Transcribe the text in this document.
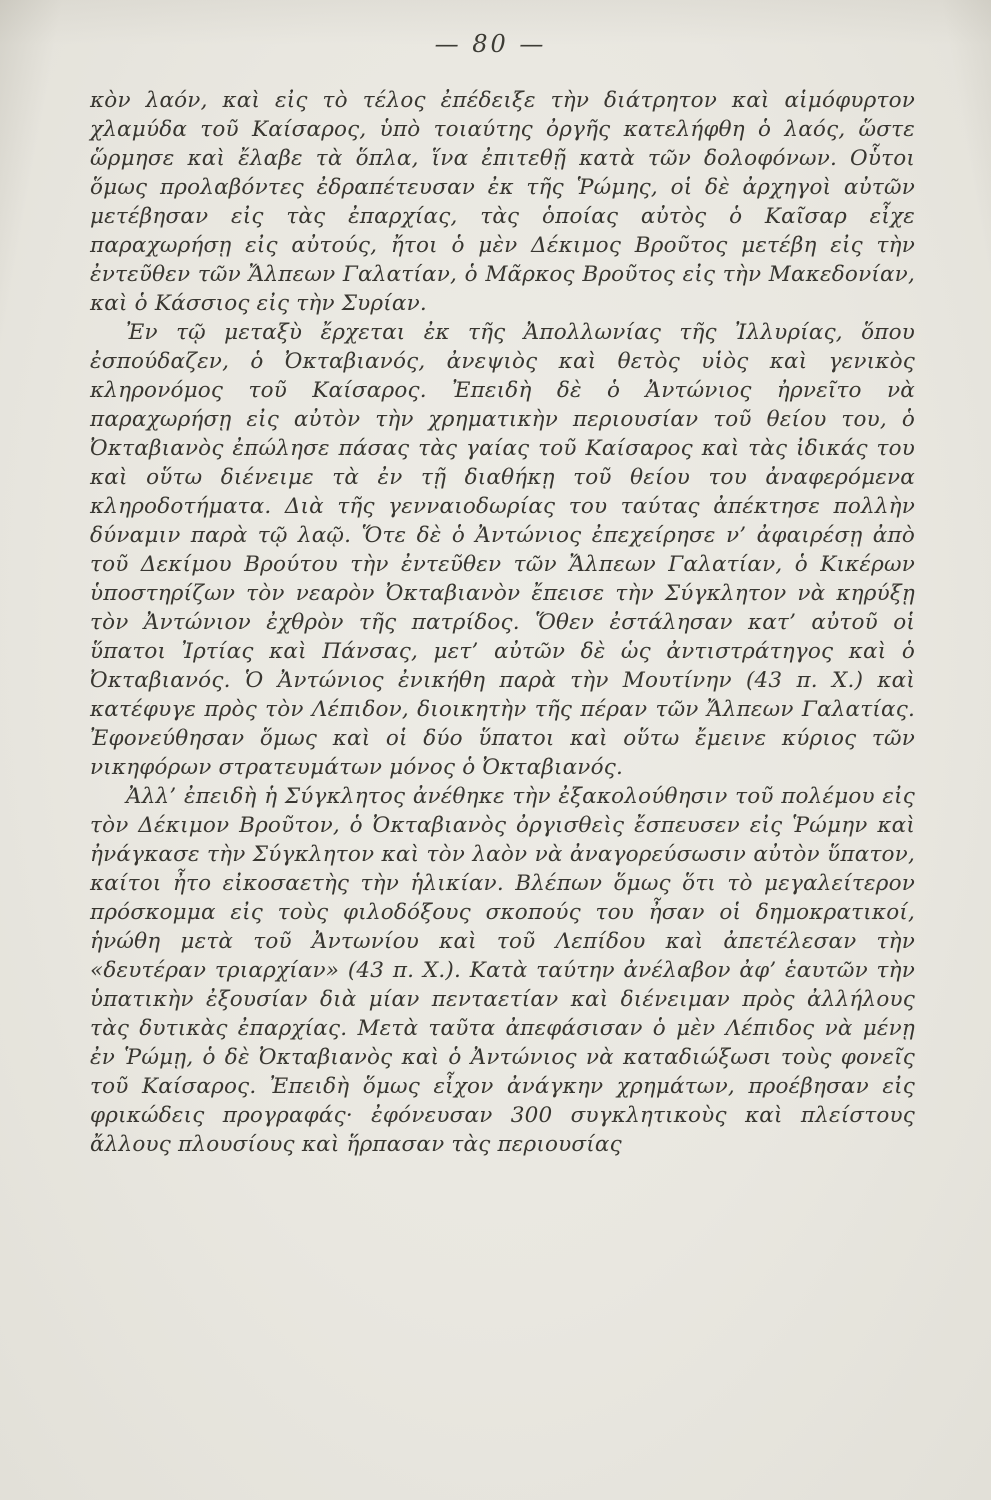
— 80 —

κὸν λαόν, καὶ εἰς τὸ τέλος ἐπέδειξε τὴν διάτρητον καὶ αἱμόφυρτον χλαμύδα τοῦ Καίσαρος, ὑπὸ τοιαύτης ὀργῆς κατελήφθη ὁ λαός, ὥστε ὥρμησε καὶ ἔλαβε τὰ ὅπλα, ἵνα ἐπιτεθῇ κατὰ τῶν δολοφόνων. Οὗτοι ὅμως προλαβόντες ἐδραπέτευσαν ἐκ τῆς Ῥώμης, οἱ δὲ ἀρχηγοὶ αὐτῶν μετέβησαν εἰς τὰς ἐπαρχίας, τὰς ὁποίας αὐτὸς ὁ Καῖσαρ εἶχε παραχωρήσῃ εἰς αὐτούς, ἤτοι ὁ μὲν Δέκιμος Βροῦτος μετέβη εἰς τὴν ἐντεῦθεν τῶν Ἄλπεων Γαλατίαν, ὁ Μᾶρκος Βροῦτος εἰς τὴν Μακεδονίαν, καὶ ὁ Κάσσιος εἰς τὴν Συρίαν.

Ἐν τῷ μεταξὺ ἔρχεται ἐκ τῆς Ἀπολλωνίας τῆς Ἰλλυρίας, ὅπου ἐσπούδαζεν, ὁ Ὀκταβιανός, ἀνεψιὸς καὶ θετὸς υἱὸς καὶ γενικὸς κληρονόμος τοῦ Καίσαρος. Ἐπειδὴ δὲ ὁ Ἀντώνιος ἠρνεῖτο νὰ παραχωρήσῃ εἰς αὐτὸν τὴν χρηματικὴν περιουσίαν τοῦ θείου του, ὁ Ὀκταβιανὸς ἐπώλησε πάσας τὰς γαίας τοῦ Καίσαρος καὶ τὰς ἰδικάς του καὶ οὕτω διένειμε τὰ ἐν τῇ διαθήκῃ τοῦ θείου του ἀναφερόμενα κληροδοτήματα. Διὰ τῆς γενναιοδωρίας του ταύτας ἀπέκτησε πολλὴν δύναμιν παρὰ τῷ λαῷ. Ὅτε δὲ ὁ Ἀντώνιος ἐπεχείρησε ν’ ἀφαιρέσῃ ἀπὸ τοῦ Δεκίμου Βρούτου τὴν ἐντεῦθεν τῶν Ἄλπεων Γαλατίαν, ὁ Κικέρων ὑποστηρίζων τὸν νεαρὸν Ὀκταβιανὸν ἔπεισε τὴν Σύγκλητον νὰ κηρύξῃ τὸν Ἀντώνιον ἐχθρὸν τῆς πατρίδος. Ὅθεν ἐστάλησαν κατ’ αὐτοῦ οἱ ὕπατοι Ἰρτίας καὶ Πάνσας, μετ’ αὐτῶν δὲ ὡς ἀντιστράτηγος καὶ ὁ Ὀκταβιανός. Ὁ Ἀντώνιος ἐνικήθη παρὰ τὴν Μουτίνην (43 π. Χ.) καὶ κατέφυγε πρὸς τὸν Λέπιδον, διοικητὴν τῆς πέραν τῶν Ἄλπεων Γαλατίας. Ἐφονεύθησαν ὅμως καὶ οἱ δύο ὕπατοι καὶ οὕτω ἔμεινε κύριος τῶν νικηφόρων στρατευμάτων μόνος ὁ Ὀκταβιανός.

Ἀλλ’ ἐπειδὴ ἡ Σύγκλητος ἀνέθηκε τὴν ἐξακολούθησιν τοῦ πολέμου εἰς τὸν Δέκιμον Βροῦτον, ὁ Ὀκταβιανὸς ὀργισθεὶς ἔσπευσεν εἰς Ῥώμην καὶ ἠνάγκασε τὴν Σύγκλητον καὶ τὸν λαὸν νὰ ἀναγορεύσωσιν αὐτὸν ὕπατον, καίτοι ἦτο εἰκοσαετὴς τὴν ἡλικίαν. Βλέπων ὅμως ὅτι τὸ μεγαλείτερον πρόσκομμα εἰς τοὺς φιλοδόξους σκοπούς του ἦσαν οἱ δημοκρατικοί, ἡνώθη μετὰ τοῦ Ἀντωνίου καὶ τοῦ Λεπίδου καὶ ἀπετέλεσαν τὴν «δευτέραν τριαρχίαν» (43 π. Χ.). Κατὰ ταύτην ἀνέλαβον ἀφ’ ἑαυτῶν τὴν ὑπατικὴν ἐξουσίαν διὰ μίαν πενταετίαν καὶ διένειμαν πρὸς ἀλλήλους τὰς δυτικὰς ἐπαρχίας. Μετὰ ταῦτα ἀπεφάσισαν ὁ μὲν Λέπιδος νὰ μένῃ ἐν Ῥώμῃ, ὁ δὲ Ὀκταβιανὸς καὶ ὁ Ἀντώνιος νὰ καταδιώξωσι τοὺς φονεῖς τοῦ Καίσαρος. Ἐπειδὴ ὅμως εἶχον ἀνάγκην χρημάτων, προέβησαν εἰς φρικώδεις προγραφάς· ἐφόνευσαν 300 συγκλητικοὺς καὶ πλείστους ἄλλους πλουσίους καὶ ἥρπασαν τὰς περιουσίας
